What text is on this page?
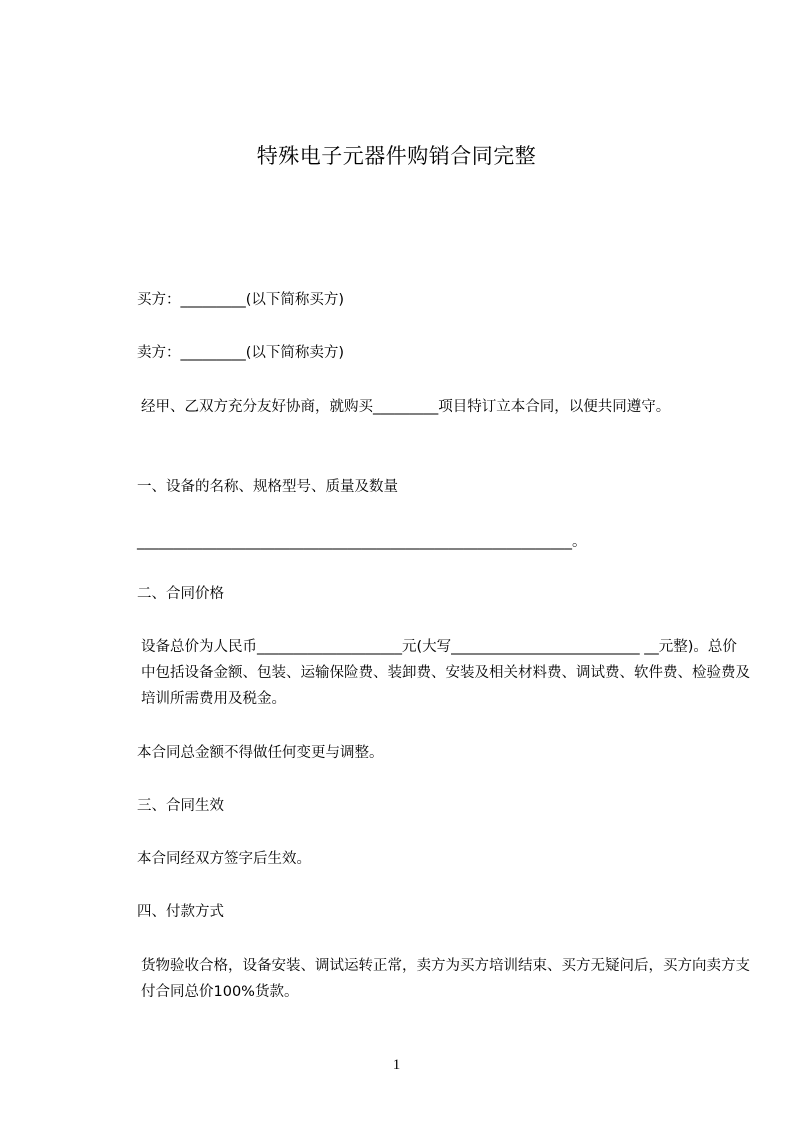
特殊电子元器件购销合同完整

买方：_________(以下简称买方)

卖方：_________(以下简称卖方)

经甲、乙双方充分友好协商，就购买_________项目特订立本合同，以便共同遵守。

一、设备的名称、规格型号、质量及数量

____________________________________________________________。

二、合同价格

设备总价为人民币____________________元(大写__________________________ __元整)。总价中包括设备金额、包装、运输保险费、装卸费、安装及相关材料费、调试费、软件费、检验费及培训所需费用及税金。

本合同总金额不得做任何变更与调整。

三、合同生效

本合同经双方签字后生效。

四、付款方式

货物验收合格，设备安装、调试运转正常，卖方为买方培训结束、买方无疑问后，买方向卖方支付合同总价100%货款。

1
